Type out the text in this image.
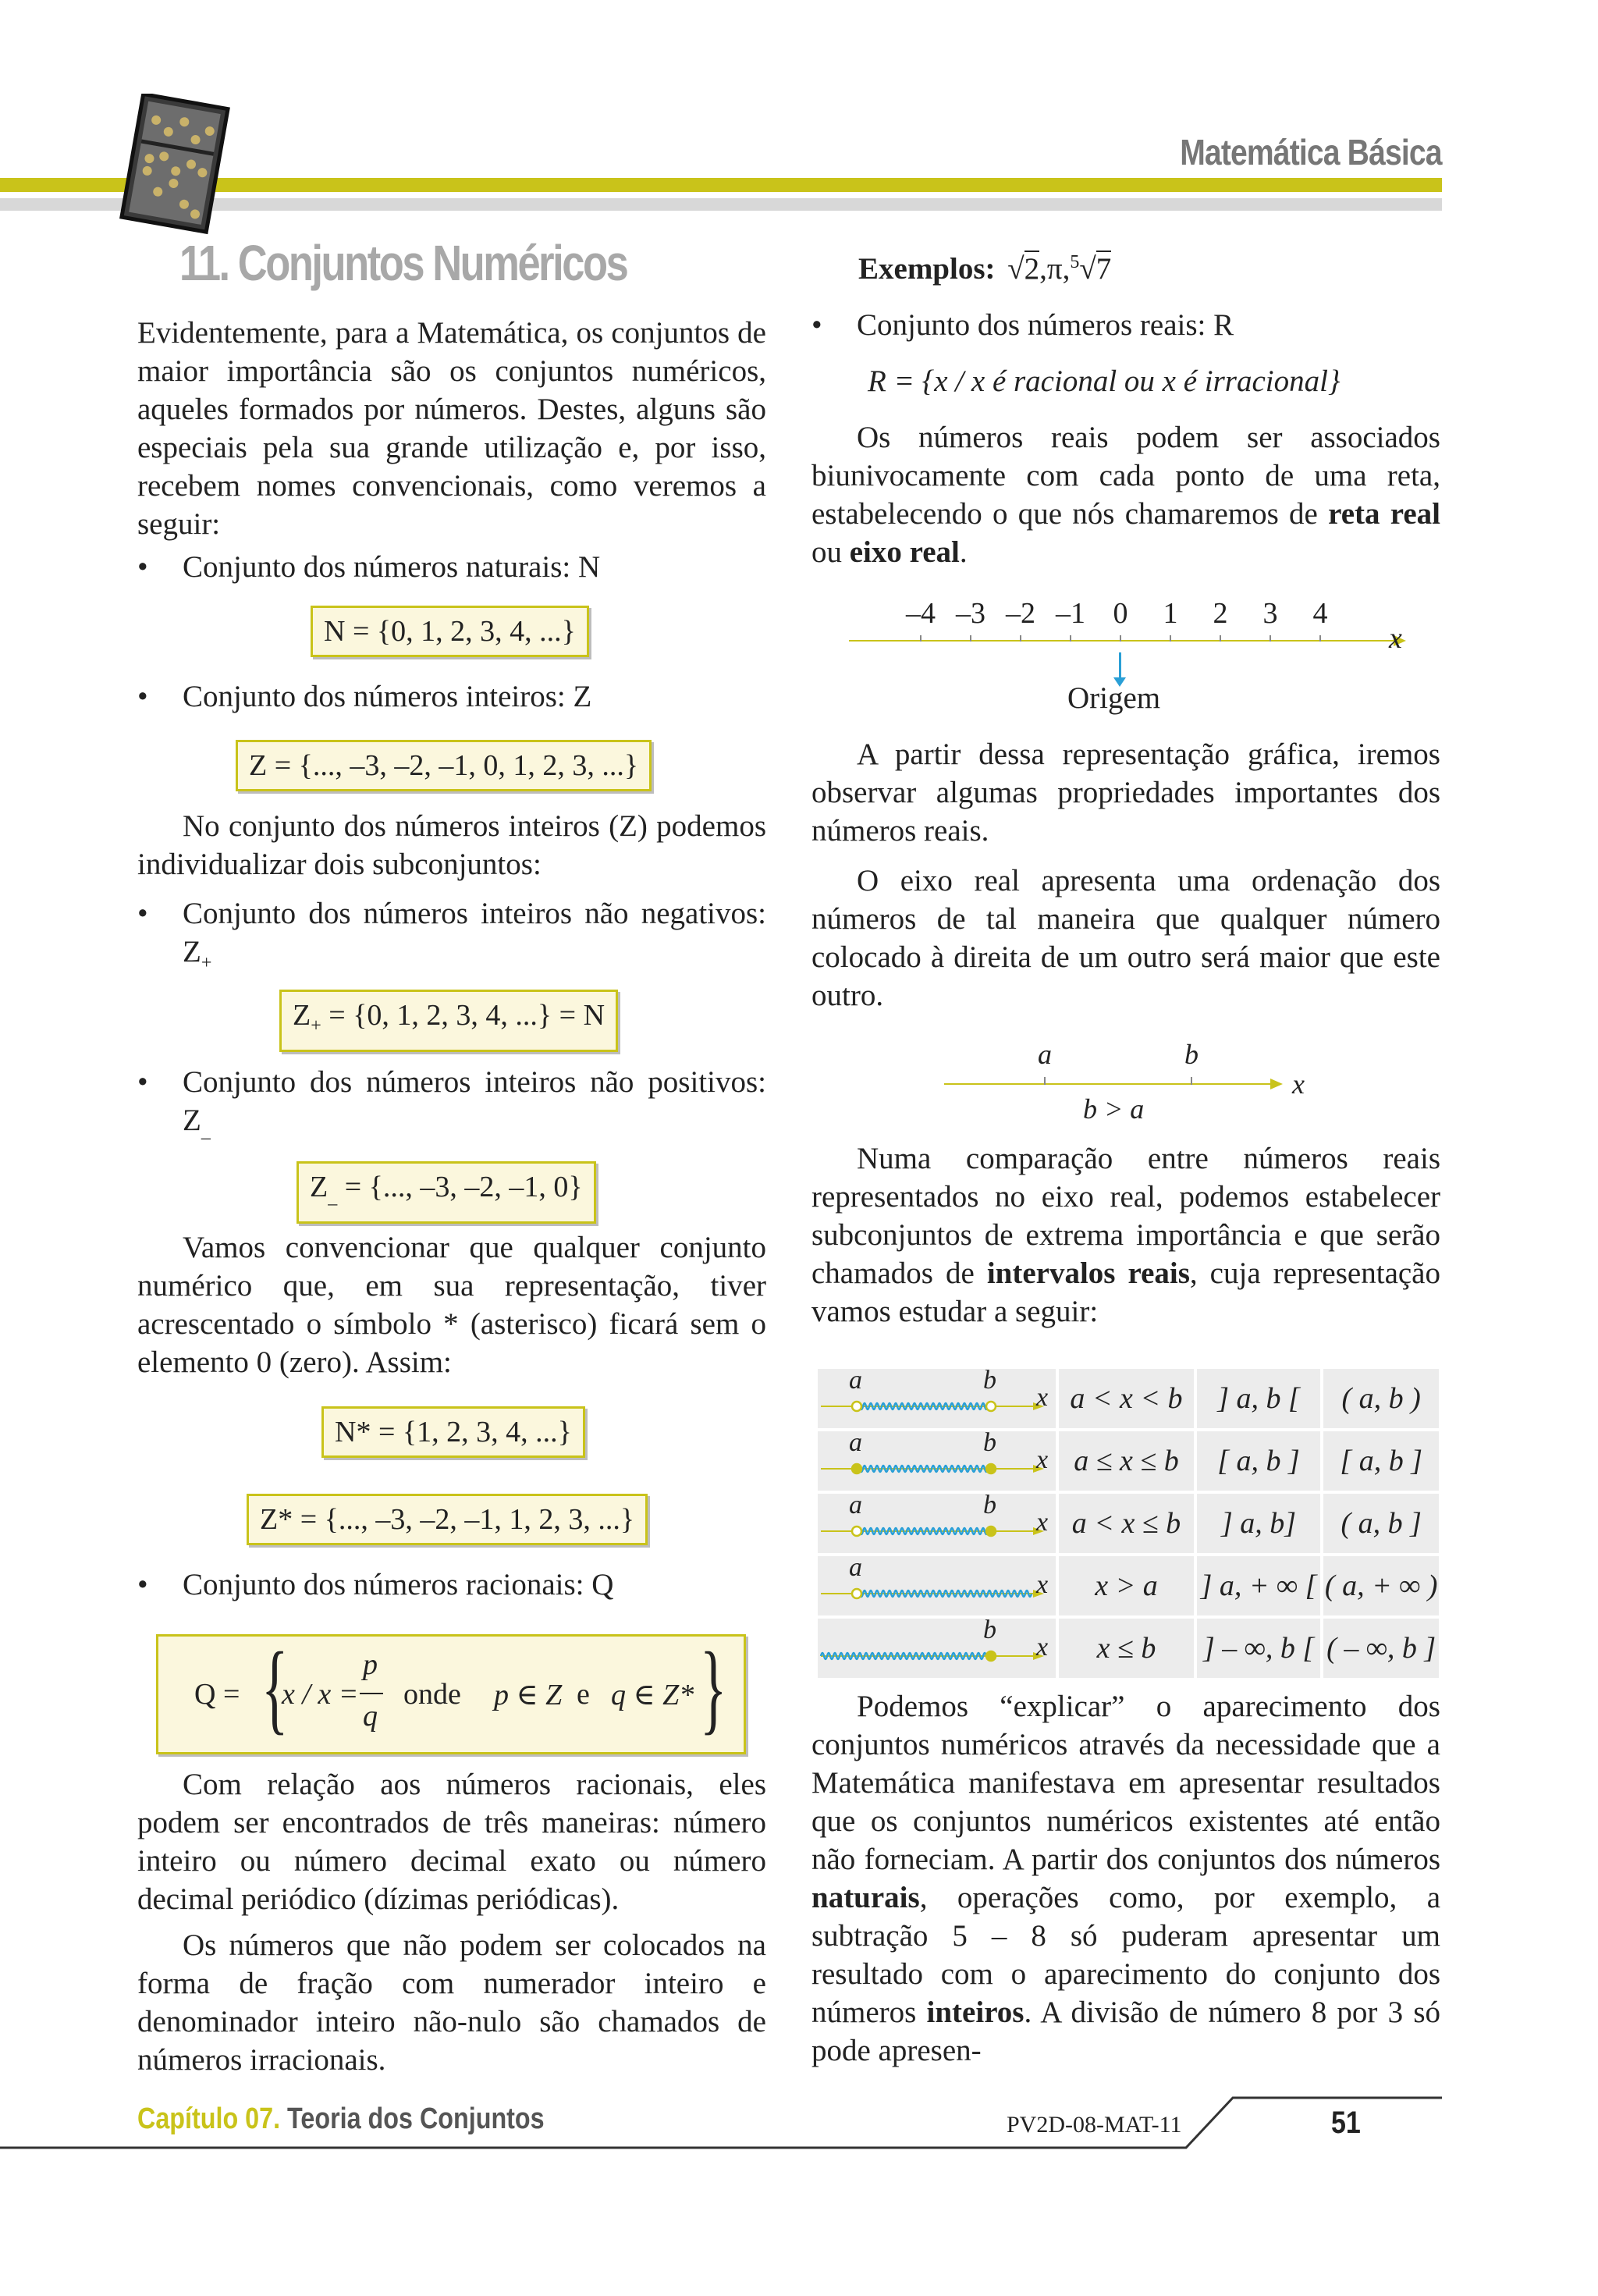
Matemática Básica
11. Conjuntos Numéricos

Evidentemente, para a Matemática, os conjuntos de maior importância são os conjuntos numéricos, aqueles formados por números. Destes, alguns são especiais pela sua grande utilização e, por isso, recebem nomes convencionais, como veremos a seguir:

• Conjunto dos números naturais: N
N = {0, 1, 2, 3, 4, ...}
• Conjunto dos números inteiros: Z
Z = {..., –3, –2, –1, 0, 1, 2, 3, ...}

No conjunto dos números inteiros (Z) podemos individualizar dois subconjuntos:

• Conjunto dos números inteiros não negativos: $Z_+$
$Z_+ = \{0$, 1, 2, 3, 4, ...} = N
• Conjunto dos números inteiros não positivos: $Z_{\_}$
$Z_{\_}$ = {..., –3, –2, –1, 0}

Vamos convencionar que qualquer conjunto numérico que, em sua representação, tiver acrescentado o símbolo * (asterisco) ficará sem o elemento 0 (zero). Assim:

N* = {1, 2, 3, 4, ...}
Z* = {..., –3, –2, –1, 1, 2, 3, ...}
• Conjunto dos números racionais: Q
Q = {
x / x =
p
q
onde p ∈ Z e q ∈ Z* }

Com relação aos números racionais, eles podem ser encontrados de três maneiras: número inteiro ou número decimal exato ou número decimal periódico (dízimas periódicas).

Os números que não podem ser colocados na forma de fração com numerador inteiro e denominador inteiro não-nulo são chamados de números irracionais.

Exemplos: √2,π,$^5$√7
• Conjunto dos números reais: R
R = {x / x é racional ou x é irracional}

Os números reais podem ser associados biunivocamente com cada ponto de uma reta, estabelecendo o que nós chamaremos de reta real ou eixo real.

x
–4 –3 –2 –1 0	1	2	3	4
Origem

A partir dessa representação gráfica, iremos observar algumas propriedades importantes dos números reais.

O eixo real apresenta uma ordenação dos números de tal maneira que qualquer número colocado à direita de um outro será maior que este outro.

a	b
x
b > a

Numa comparação entre números reais representados no eixo real, podemos estabelecer subconjuntos de extrema importância e que serão chamados de intervalos reais, cuja representação vamos estudar a seguir:

a b
x	a < x < b	] a, b [	( a, b )

a b
x	a ≤ x ≤ b	[ a, b ]	[ a, b ]

a b
x	a < x ≤ b	] a, b]	( a, b ]

a
x	x > a	] a, + ∞ [	( a, + ∞ )

b
x	x ≤ b	] – ∞, b [	( – ∞, b ]

Podemos “explicar” o aparecimento dos conjuntos numéricos através da necessidade que a Matemática manifestava em apresentar resultados que os conjuntos numéricos existentes até então não forneciam. A partir dos conjuntos dos números naturais, operações como, por exemplo, a subtração 5 – 8 só puderam apresentar um resultado com o aparecimento do conjunto dos números inteiros. A divisão de número 8 por 3 só pode apresen-

Capítulo 07. Teoria dos Conjuntos	PV2D-08-MAT-11	51
